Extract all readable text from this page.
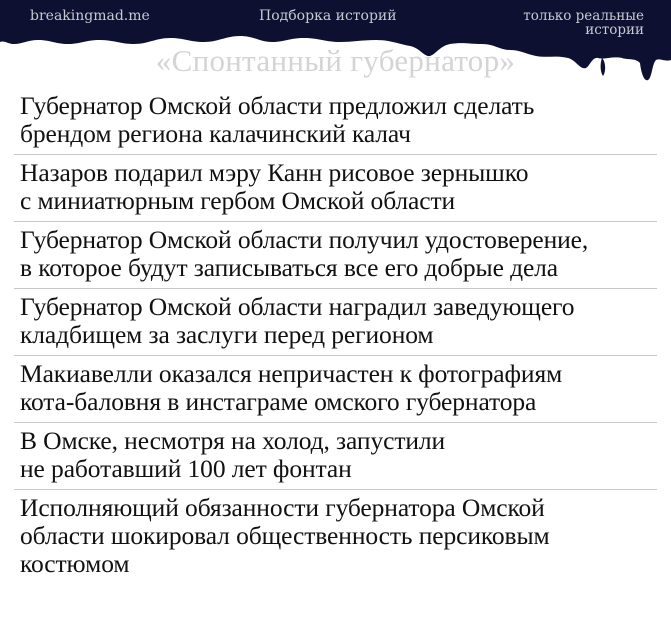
breakingmad.me	Подборка историй	только реальные
истории
«Спонтанный губернатор»
Губернатор Омской области предложил сделать
брендом региона калачинский калач
Назаров подарил мэру Канн рисовое зернышко
с миниатюрным гербом Омской области
Губернатор Омской области получил удостоверение,
в которое будут записываться все его добрые дела
Губернатор Омской области наградил заведующего
кладбищем за заслуги перед регионом
Макиавелли оказался непричастен к фотографиям
кота-баловня в инстаграме омского губернатора
В Омске, несмотря на холод, запустили
не работавший 100 лет фонтан
Исполняющий обязанности губернатора Омской
области шокировал общественность персиковым
костюмом
